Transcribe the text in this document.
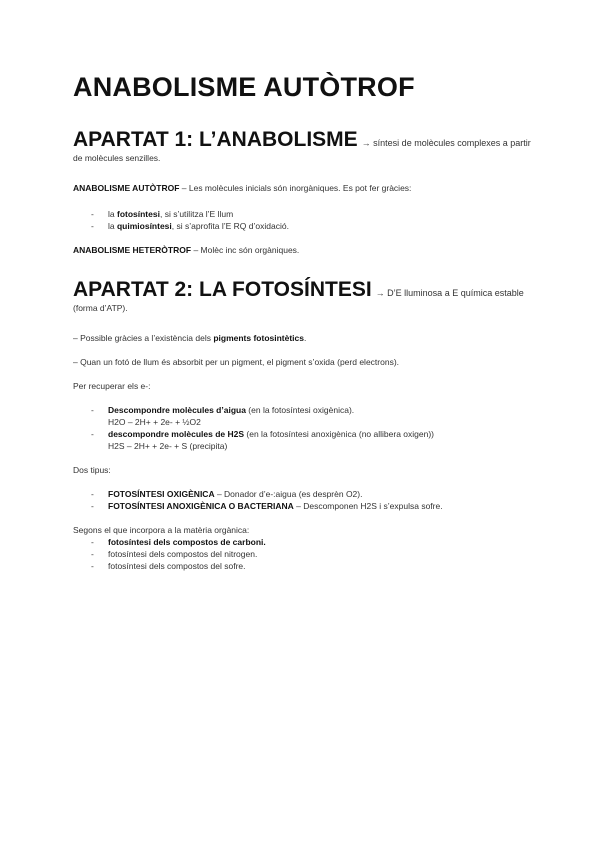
ANABOLISME AUTÒTROF
APARTAT 1: L’ANABOLISME → síntesi de molècules complexes a partir
de molècules senzilles.
ANABOLISME AUTÒTROF – Les molècules inicials són inorgàniques. Es pot fer gràcies:
- la fotosíntesi, si s’utilitza l’E llum
- la quimiosíntesi, si s’aprofita l’E RQ d’oxidació.
ANABOLISME HETERÒTROF – Molèc inc són orgàniques.
APARTAT 2: LA FOTOSÍNTESI → D’E lluminosa a E química estable
(forma d’ATP).
– Possible gràcies a l’existència dels pigments fotosintètics.
– Quan un fotó de llum és absorbit per un pigment, el pigment s’oxida (perd electrons).
Per recuperar els e-:
- Descompondre molècules d’aigua (en la fotosíntesi oxigènica).
H2O – 2H+ + 2e- + ½O2
- descompondre molècules de H2S (en la fotosíntesi anoxigènica (no allibera oxigen))
H2S – 2H+ + 2e- + S (precipita)
Dos tipus:
- FOTOSÍNTESI OXIGÈNICA – Donador d’e-:aigua (es desprèn O2).
- FOTOSÍNTESI ANOXIGÈNICA O BACTERIANA – Descomponen H2S i s’expulsa sofre.
Segons el que incorpora a la matèria orgànica:
- fotosíntesi dels compostos de carboni.
- fotosíntesi dels compostos del nitrogen.
- fotosíntesi dels compostos del sofre.
